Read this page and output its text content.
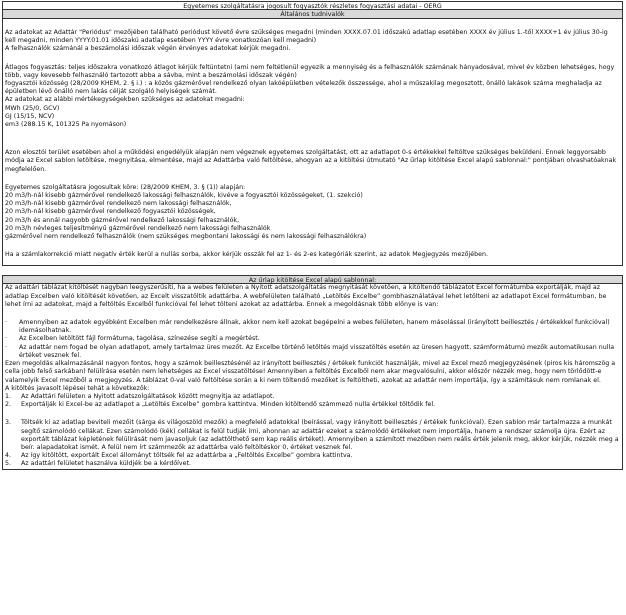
Egyetemes szolgáltatásra jogosult fogyasztók részletes fogyasztási adatai - OERG
Általános tudnivalók
Az adatokat az Adattár "Periódus" mezőjében található periódust követő évre szükséges megadni (minden XXXX.07.01 időszakú adatlap esetében XXXX év július 1.-től XXXX+1 év július 30-ig kell megadni, minden YYYY.01.01 időszakú adatlap esetében YYYY évre vonatkozóan kell megadni)
A felhasználók számánál a beszámolási időszak végén érvényes adatokat kérjük megadni.
Átlagos fogyasztás: teljes időszakra vonatkozó átlagot kérjük feltüntetni (ami nem feltétlenül egyezik a mennyiség és a felhasználók számának hányadosával, mivel év közben lehetséges, hogy több, vagy kevesebb felhasználó tartozott abba a sávba, mint a beszámolási időszak végén)
fogyasztói közösség (28/2009 KHEM, 2. § i.) : a közös gázmérővel rendelkező olyan lakóépületben vételezők összessége, ahol a műszakilag megosztott, önálló lakások száma meghaladja az épületben lévő önálló nem lakás célját szolgáló helyiségek számát.
Az adatokat az alábbi mértékegységekben szükséges az adatokat megadni:
MWh (25/0, GCV)
GJ (15/15, NCV)
em3 (288.15 K, 101325 Pa nyomáson)
Azon elosztói terület esetében ahol a működési engedélyük alapján nem végeznek egyetemes szolgáltatást, ott az adatlapot 0-s értékekkel feltöltve szükséges beküldeni. Ennek leggyorsabb módja az Excel sablon letöltése, megnyitása, elmentése, majd az Adattárba való feltöltése, ahogyan az a kitöltési útmutató "Az űrlap kitöltése Excel alapú sablonnal:" pontjában olvashatóaknak megfelelően.
Egyetemes szolgáltatásra jogosultak köre: (28/2009 KHEM, 3. § (1)) alapján:
20 m3/h-nál kisebb gázmérővel rendelkező lakossági felhasználók, kivéve a fogyasztói közösségeket, (1. szekció)
20 m3/h-nál kisebb gázmérővel rendelkező nem lakossági felhasználók,
20 m3/h-nál kisebb gázmérővel rendelkező fogyasztói közösségek,
20 m3/h és annál nagyobb gázmérővel rendelkező lakossági felhasználók,
20 m3/h névleges teljesítményű gázmérővel rendelkező nem lakossági felhasználók
gázmérővel nem rendelkező felhasználók (nem szükséges megbontani lakossági és nem lakossági felhasználókra)
Ha a számlakorrekció miatt negatív érték kerül a nullás sorba, akkor kérjük osszák fel az 1- és 2-es kategóriák szerint, az adatok Megjegyzés mezőjében.
Az űrlap kitöltése Excel alapú sablonnal:
Az adattári táblázat kitöltését nagyban leegyszerűsíti, ha a webes felületen a Nyitott adatszolgáltatás megnyitását követően, a kitöltendő táblázatot Excel formátumba exportálják, majd az adatlap Excelben való kitöltését követően, az Excelt visszatöltik adattárba. A webfelületen található „Letöltés Excelbe” gombhasználatával lehet letölteni az adatlapot Excel formátumban, be lehet írni az adatokat, majd a feltöltés Excelből funkcióval fel lehet tölteni azokat az adattárba. Ennek a megoldásnak több előnye is van:
·	Amennyiben az adatok egyébként Excelben már rendelkezésre állnak, akkor nem kell azokat begépelni a webes felületen, hanem másolással (irányított beillesztés / értékekkel funkcióval) idemásolhatnak.
·	Az Excelben letöltött fájl formátuma, tagolása, színezése segíti a megértést.
·	Az adattár nem fogad be olyan adatlapot, amely tartalmaz üres mezőt. Az Excelbe történő letöltés majd visszatöltés esetén az üresen hagyott, számformátumú mezők automatikusan nulla értéket vesznek fel.
Ezen megoldás alkalmazásánál nagyon fontos, hogy a számok beillesztésénél az irányított beillesztés / értékek funkciót használják, mivel az Excel mező megjegyzésének (piros kis háromszög a cella jobb felső sarkában) felülírása esetén nem lehetséges az Excel visszatöltése! Amennyiben a feltöltés Excelből nem akar megvalósulni, akkor először nézzék meg, hogy nem törlődött-e valamelyik Excel mezőből a megjegyzés. A táblázat 0-val való feltöltése során a ki nem töltendő mezőket is feltöltheti, azokat az adattár nem importálja, így a számításuk nem romlanak el.
A kitöltés javasolt lépései tehát a következők:
1.	Az Adattári felületen a Nyitott adatszolgáltatások között megnyitja az adatlapot.
2.	Exportálják ki Excel-be az adatlapot a „Letöltés Excelbe” gombra kattintva. Minden kitöltendő számmező nulla értékkel töltődik fel.
3.	Töltsék ki az adatlap beviteli mezőit (sárga és világoszöld mezők) a megfelelő adatokkal (beírással, vagy irányított beillesztés / értékek funkcióval). Ezen sablon már tartalmazza a munkát segítő számolódó cellákat. Ezen számolódó (kék) cellákat is felül tudják írni, ahonnan az adattár ezeket a számolódó értékeket nem importálja, hanem a rendszer számolja újra. Ezért az exportált táblázat képletének felülírását nem javasoljuk (az adattölthető sem kap reális értéket). Amennyiben a számított mezőben nem reális érték jelenik meg, akkor kérjük, nézzék meg a beír. alapadatokat ismét. A felül nem írt számmezők az adattárba való feltöltéskor 0, értéket vesznek fel.
4.	Az így kitöltött, exportált Excel állományt töltsék fel az adattárba a „Feltöltés Excelbe” gombra kattintva.
5.	Az adattári felületet használva küldjék be a kérdőívet.
